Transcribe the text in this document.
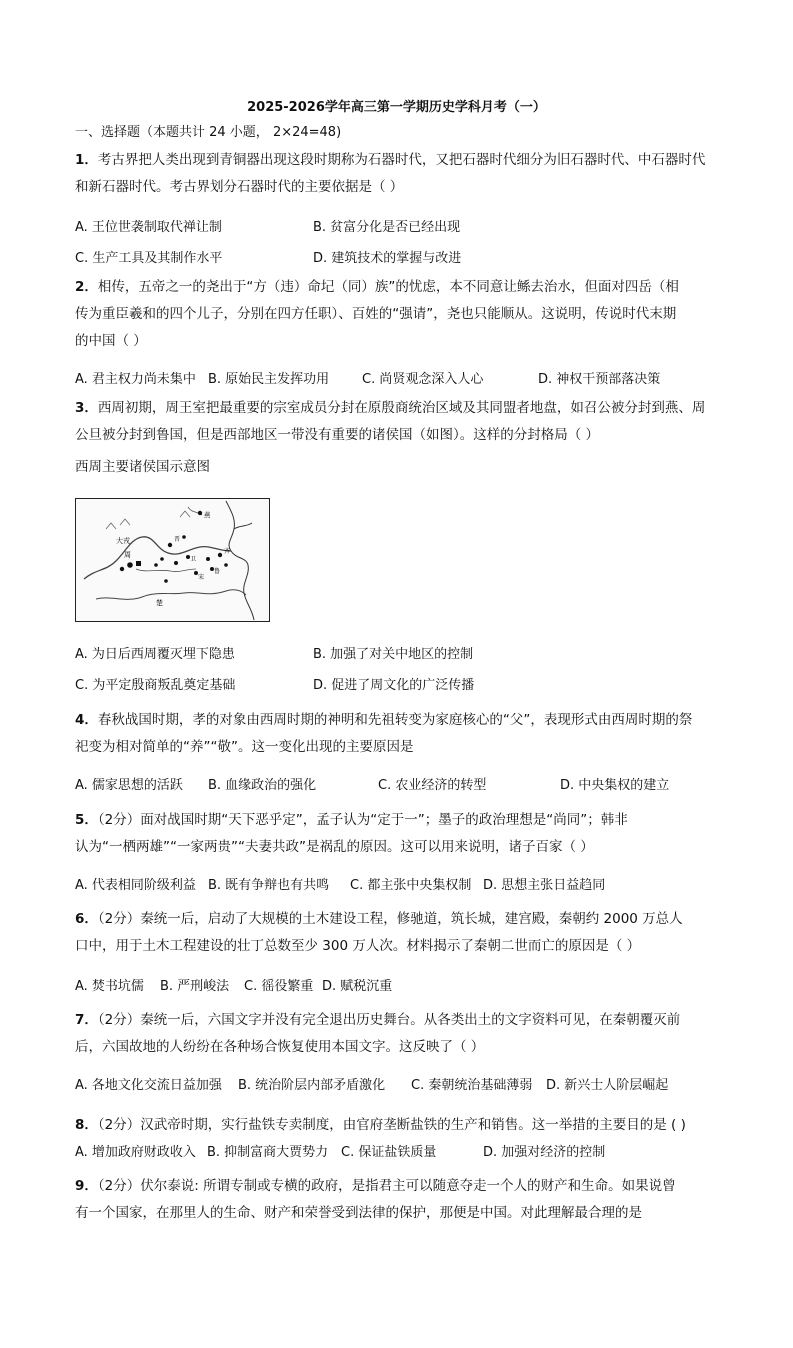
2025-2026学年高三第一学期历史学科月考（一）
一、选择题（本题共计 24 小题， 2×24=48)
1．考古界把人类出现到青铜器出现这段时期称为石器时代，又把石器时代细分为旧石器时代、中石器时代
和新石器时代。考古界划分石器时代的主要依据是（ ）
A. 王位世袭制取代禅让制	B. 贫富分化是否已经出现
C. 生产工具及其制作水平	D. 建筑技术的掌握与改进
2．相传，五帝之一的尧出于“方（违）命圮（同）族”的忧虑，本不同意让鲧去治水，但面对四岳（相
传为重臣羲和的四个儿子，分别在四方任职）、百姓的“强请”，尧也只能顺从。这说明，传说时代末期
的中国（ ）
A. 君主权力尚未集中 B. 原始民主发挥功用	C. 尚贤观念深入人心	D. 神权干预部落决策
3．西周初期，周王室把最重要的宗室成员分封在原殷商统治区域及其同盟者地盘，如召公被分封到燕、周
公旦被分封到鲁国，但是西部地区一带没有重要的诸侯国（如图）。这样的分封格局（ ）
西周主要诸侯国示意图
燕
大戎
周
晋
卫
齐
鲁
宋
楚
A. 为日后西周覆灭埋下隐患	B. 加强了对关中地区的控制
C. 为平定殷商叛乱奠定基础	D. 促进了周文化的广泛传播
4．春秋战国时期，孝的对象由西周时期的神明和先祖转变为家庭核心的“父”，表现形式由西周时期的祭
祀变为相对简单的“养”“敬”。这一变化出现的主要原因是
A. 儒家思想的活跃 B. 血缘政治的强化	C. 农业经济的转型	D. 中央集权的建立
5．（2分）面对战国时期“天下恶乎定”，孟子认为“定于一”；墨子的政治理想是“尚同”；韩非
认为“一栖两雄”“一家两贵”“夫妻共政”是祸乱的原因。这可以用来说明，诸子百家（ ）
A. 代表相同阶级利益 B. 既有争辩也有共鸣 C. 都主张中央集权制 D. 思想主张日益趋同
6．（2分）秦统一后，启动了大规模的土木建设工程，修驰道，筑长城，建宫殿，秦朝约 2000 万总人
口中，用于土木工程建设的壮丁总数至少 300 万人次。材料揭示了秦朝二世而亡的原因是（ ）
A. 焚书坑儒 B. 严刑峻法 C. 徭役繁重 D. 赋税沉重
7．（2分）秦统一后，六国文字并没有完全退出历史舞台。从各类出土的文字资料可见，在秦朝覆灭前
后，六国故地的人纷纷在各种场合恢复使用本国文字。这反映了（ ）
A. 各地文化交流日益加强 B. 统治阶层内部矛盾激化 C. 秦朝统治基础薄弱 D. 新兴士人阶层崛起
8．（2分）汉武帝时期，实行盐铁专卖制度，由官府垄断盐铁的生产和销售。这一举措的主要目的是 ( )
A. 增加政府财政收入 B. 抑制富商大贾势力 C. 保证盐铁质量	D. 加强对经济的控制
9．（2分）伏尔泰说: 所谓专制或专横的政府，是指君主可以随意夺走一个人的财产和生命。如果说曾
有一个国家，在那里人的生命、财产和荣誉受到法律的保护，那便是中国。对此理解最合理的是
